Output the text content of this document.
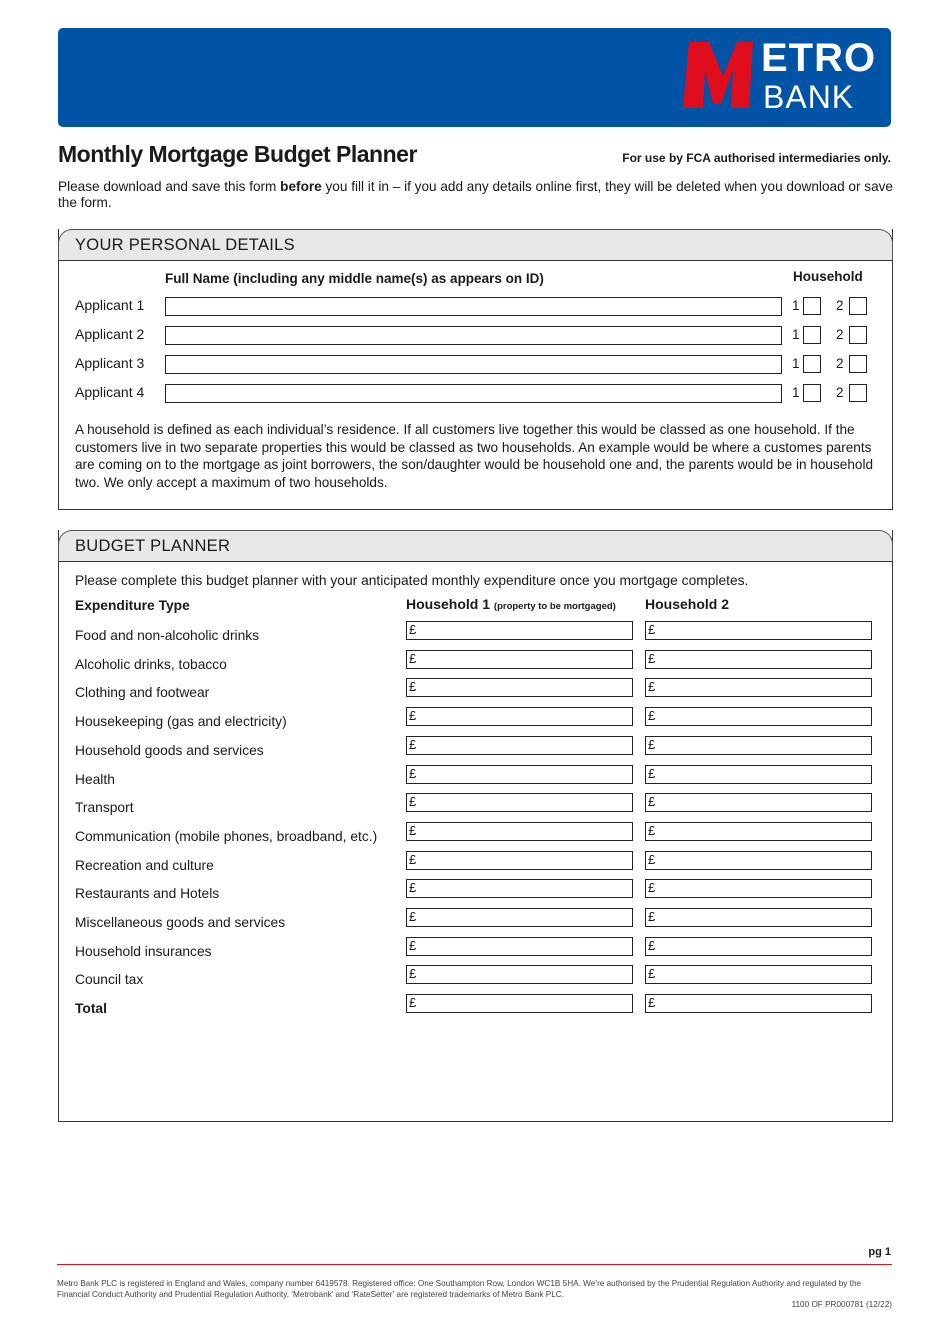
ETRO
BANK
Monthly Mortgage Budget Planner	For use by FCA authorised intermediaries only.
Please download and save this form before you fill it in – if you add any details online first, they will be deleted when you download or save the form.
YOUR PERSONAL DETAILS
Full Name (including any middle name(s) as appears on ID)	Household
Applicant 1	1	2
Applicant 2	1	2
Applicant 3	1	2
Applicant 4	1	2
A household is defined as each individual’s residence. If all customers live together this would be classed as one household. If the customers live in two separate properties this would be classed as two households. An example would be where a customes parents are coming on to the mortgage as joint borrowers, the son/daughter would be household one and, the parents would be in household two. We only accept a maximum of two households.
BUDGET PLANNER
Please complete this budget planner with your anticipated monthly expenditure once you mortgage completes.
Expenditure Type	Household 1 (property to be mortgaged) Household 2
Food and non-alcoholic drinks	£	£
Alcoholic drinks, tobacco	£	£
Clothing and footwear	£	£
Housekeeping (gas and electricity)	£	£
Household goods and services	£	£
Health	£	£
Transport	£	£
Communication (mobile phones, broadband, etc.) £	£
Recreation and culture	£	£
Restaurants and Hotels	£	£
Miscellaneous goods and services	£	£
Household insurances	£	£
Council tax	£	£
Total	£	£
pg 1
Metro Bank PLC is registered in England and Wales, company number 6419578. Registered office: One Southampton Row, London WC1B 5HA. We’re authorised by the Prudential Regulation Authority and regulated by the Financial Conduct Authority and Prudential Regulation Authority. ‘Metrobank’ and ‘RateSetter’ are registered trademarks of Metro Bank PLC.
1100 OF PR000781 (12/22)
